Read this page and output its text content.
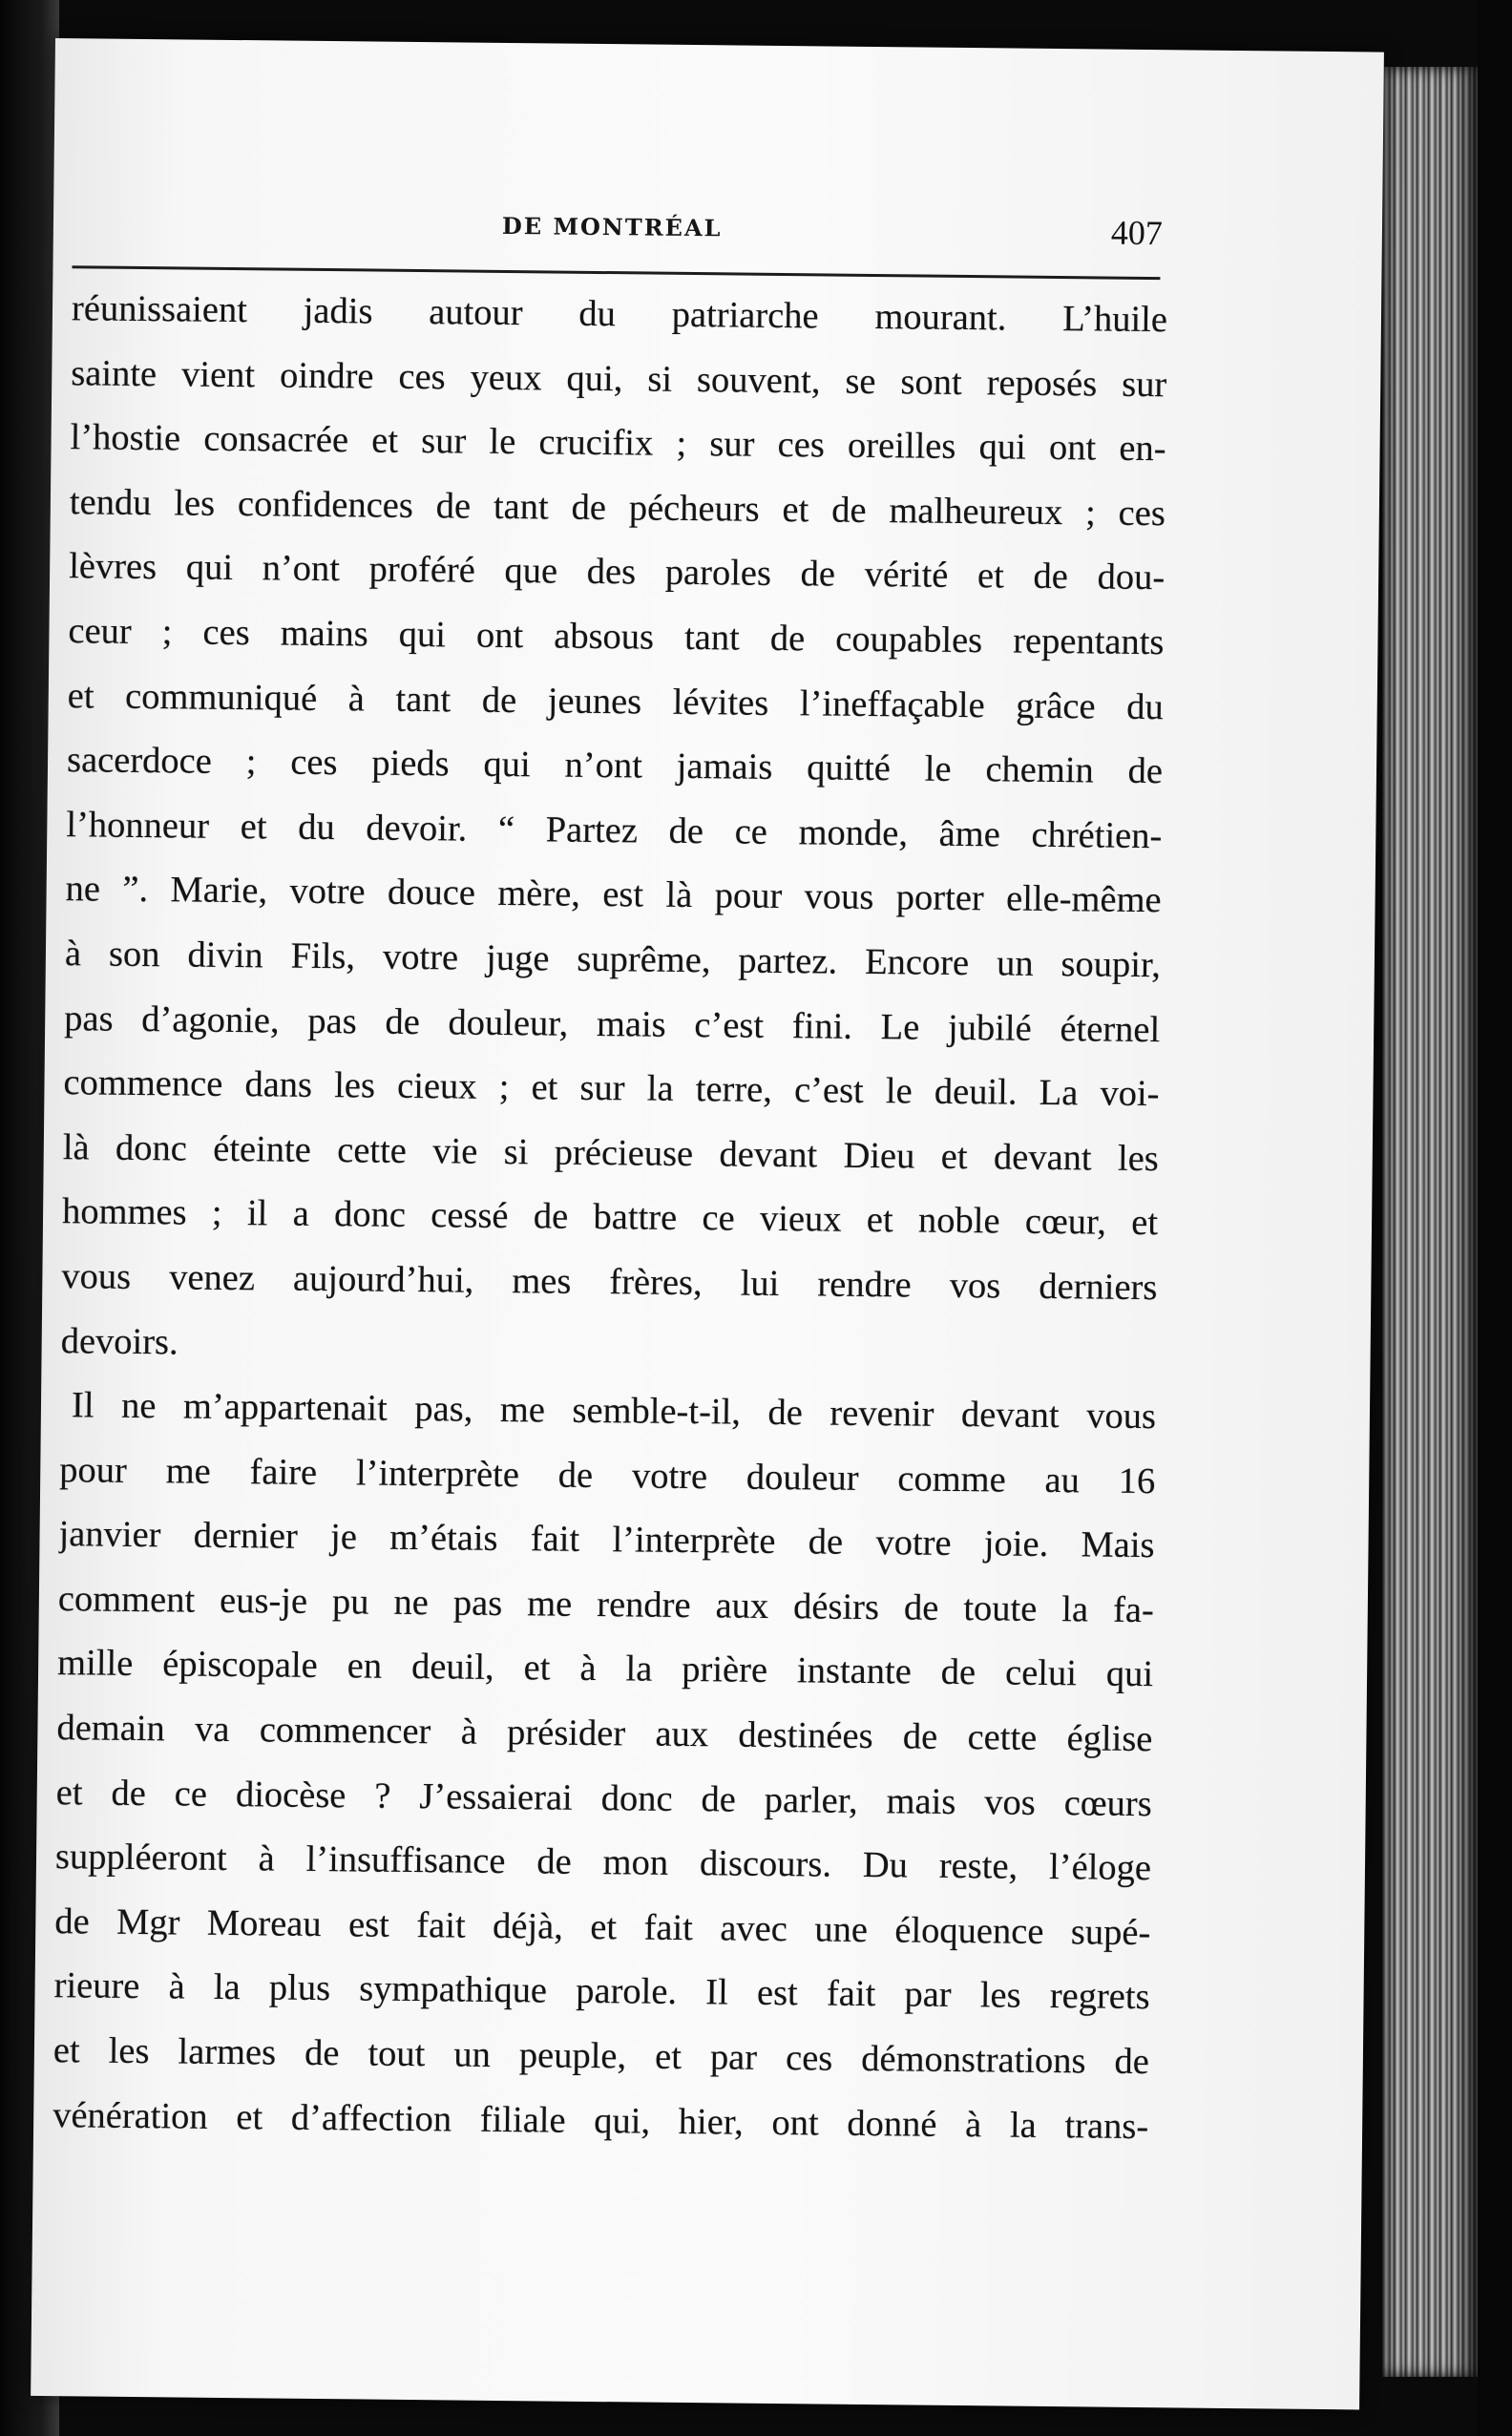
DE MONTRÉAL	407
réunissaient jadis autour du patriarche mourant. L’huile
sainte vient oindre ces yeux qui, si souvent, se sont reposés sur
l’hostie consacrée et sur le crucifix ; sur ces oreilles qui ont en-
tendu les confidences de tant de pécheurs et de malheureux ; ces
lèvres qui n’ont proféré que des paroles de vérité et de dou-
ceur ; ces mains qui ont absous tant de coupables repentants
et communiqué à tant de jeunes lévites l’ineffaçable grâce du
sacerdoce ; ces pieds qui n’ont jamais quitté le chemin de
l’honneur et du devoir. “ Partez de ce monde, âme chrétien-
ne ”. Marie, votre douce mère, est là pour vous porter elle-même
à son divin Fils, votre juge suprême, partez. Encore un soupir,
pas d’agonie, pas de douleur, mais c’est fini. Le jubilé éternel
commence dans les cieux ; et sur la terre, c’est le deuil. La voi-
là donc éteinte cette vie si précieuse devant Dieu et devant les
hommes ; il a donc cessé de battre ce vieux et noble cœur, et
vous venez aujourd’hui, mes frères, lui rendre vos derniers
devoirs.
Il ne m’appartenait pas, me semble-t-il, de revenir devant vous
pour me faire l’interprète de votre douleur comme au 16
janvier dernier je m’étais fait l’interprète de votre joie. Mais
comment eus-je pu ne pas me rendre aux désirs de toute la fa-
mille épiscopale en deuil, et à la prière instante de celui qui
demain va commencer à présider aux destinées de cette église
et de ce diocèse ? J’essaierai donc de parler, mais vos cœurs
suppléeront à l’insuffisance de mon discours. Du reste, l’éloge
de Mgr Moreau est fait déjà, et fait avec une éloquence supé-
rieure à la plus sympathique parole. Il est fait par les regrets
et les larmes de tout un peuple, et par ces démonstrations de
vénération et d’affection filiale qui, hier, ont donné à la trans-
